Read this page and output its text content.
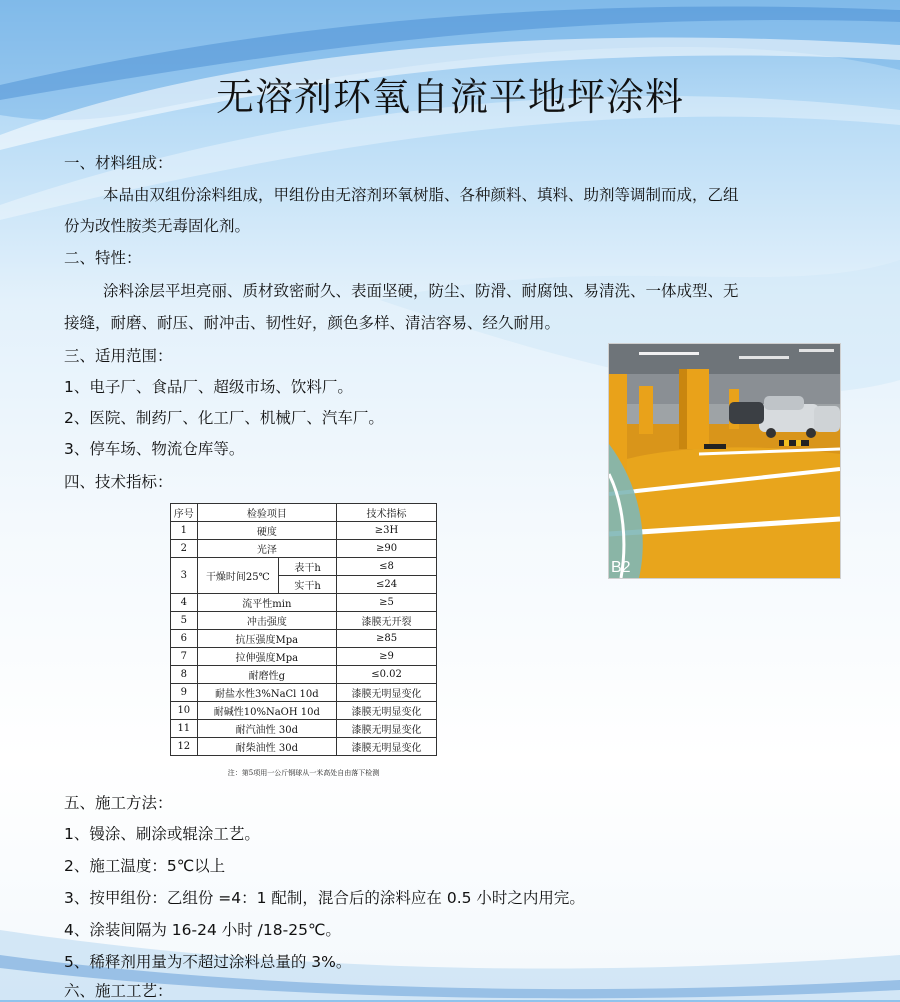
无溶剂环氧自流平地坪涂料
一、材料组成：
本品由双组份涂料组成，甲组份由无溶剂环氧树脂、各种颜料、填料、助剂等调制而成，乙组
份为改性胺类无毒固化剂。
二、特性：
涂料涂层平坦亮丽、质材致密耐久、表面坚硬，防尘、防滑、耐腐蚀、易清洗、一体成型、无
接缝，耐磨、耐压、耐冲击、韧性好，颜色多样、清洁容易、经久耐用。
三、适用范围：
1、电子厂、食品厂、超级市场、饮料厂。
2、医院、制药厂、化工厂、机械厂、汽车厂。
3、停车场、物流仓库等。
四、技术指标：
B2
序号	检验项目		技术指标
1	硬度		≥3H
2	光泽		≥90
3	干燥时间25℃	表干h	≤8
		实干h	≤24
4	流平性min		≥5
5	冲击强度		漆膜无开裂
6	抗压强度Mpa		≥85
7	拉伸强度Mpa		≥9
8	耐磨性g		≤0.02
9	耐盐水性3%NaCl 10d		漆膜无明显变化
10	耐碱性10%NaOH 10d		漆膜无明显变化
11	耐汽油性 30d		漆膜无明显变化
12	耐柴油性 30d		漆膜无明显变化
注：第5项用一公斤钢球从一米高处自由落下检测
五、施工方法：
1、镘涂、刷涂或辊涂工艺。
2、施工温度：5℃以上
3、按甲组份：乙组份 =4：1 配制，混合后的涂料应在 0.5 小时之内用完。
4、涂装间隔为 16-24 小时 /18-25℃。
5、稀释剂用量为不超过涂料总量的 3%。
六、施工工艺：
